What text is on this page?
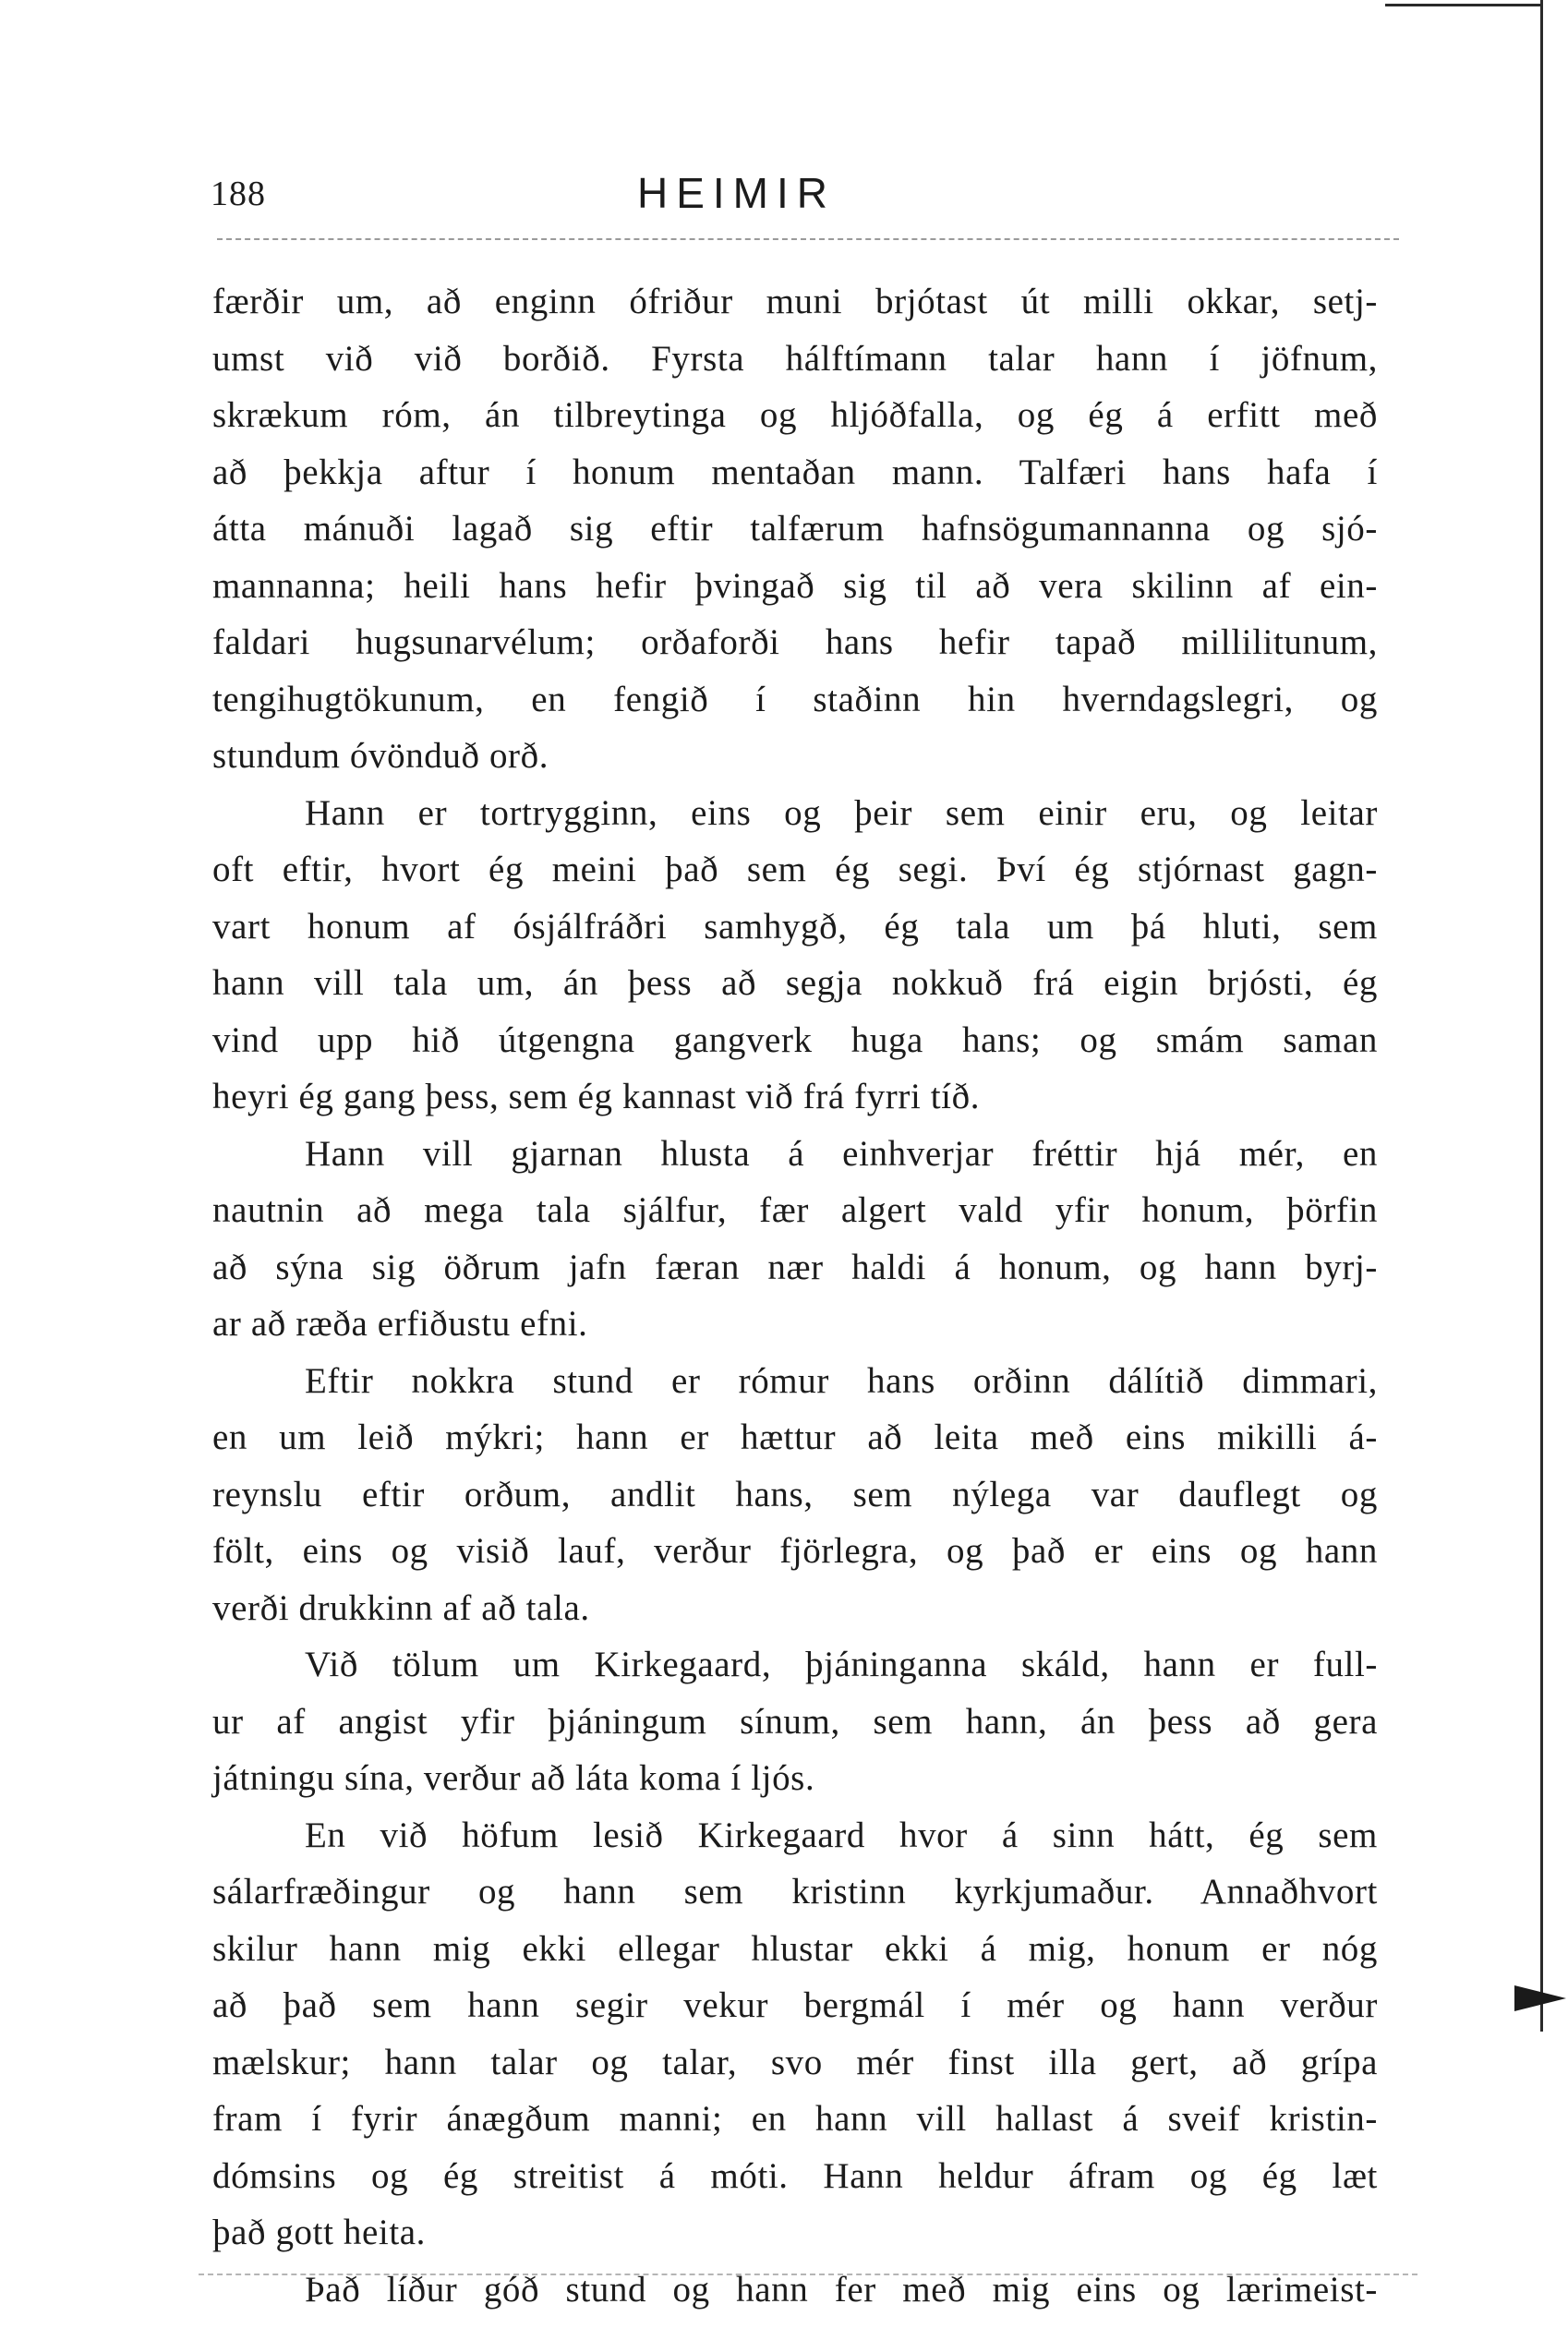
188	HEIMIR
færðir um, að enginn ófriður muni brjótast út milli okkar, setj-
umst við við borðið. Fyrsta hálftímann talar hann í jöfnum,
skrækum róm, án tilbreytinga og hljóðfalla, og ég á erfitt með
að þekkja aftur í honum mentaðan mann. Talfæri hans hafa í
átta mánuði lagað sig eftir talfærum hafnsögumannanna og sjó-
mannanna; heili hans hefir þvingað sig til að vera skilinn af ein-
faldari hugsunarvélum; orðaforði hans hefir tapað millilitunum,
tengihugtökunum, en fengið í staðinn hin hverndagslegri, og
stundum óvönduð orð.
Hann er tortrygginn, eins og þeir sem einir eru, og leitar
oft eftir, hvort ég meini það sem ég segi. Því ég stjórnast gagn-
vart honum af ósjálfráðri samhygð, ég tala um þá hluti, sem
hann vill tala um, án þess að segja nokkuð frá eigin brjósti, ég
vind upp hið útgengna gangverk huga hans; og smám saman
heyri ég gang þess, sem ég kannast við frá fyrri tíð.
Hann vill gjarnan hlusta á einhverjar fréttir hjá mér, en
nautnin að mega tala sjálfur, fær algert vald yfir honum, þörfin
að sýna sig öðrum jafn færan nær haldi á honum, og hann byrj-
ar að ræða erfiðustu efni.
Eftir nokkra stund er rómur hans orðinn dálítið dimmari,
en um leið mýkri; hann er hættur að leita með eins mikilli á-
reynslu eftir orðum, andlit hans, sem nýlega var dauflegt og
fölt, eins og visið lauf, verður fjörlegra, og það er eins og hann
verði drukkinn af að tala.
Við tölum um Kirkegaard, þjáninganna skáld, hann er full-
ur af angist yfir þjáningum sínum, sem hann, án þess að gera
játningu sína, verður að láta koma í ljós.
En við höfum lesið Kirkegaard hvor á sinn hátt, ég sem
sálarfræðingur og hann sem kristinn kyrkjumaður. Annaðhvort
skilur hann mig ekki ellegar hlustar ekki á mig, honum er nóg
að það sem hann segir vekur bergmál í mér og hann verður
mælskur; hann talar og talar, svo mér finst illa gert, að grípa
fram í fyrir ánægðum manni; en hann vill hallast á sveif kristin-
dómsins og ég streitist á móti. Hann heldur áfram og ég læt
það gott heita.
Það líður góð stund og hann fer með mig eins og lærimeist-
